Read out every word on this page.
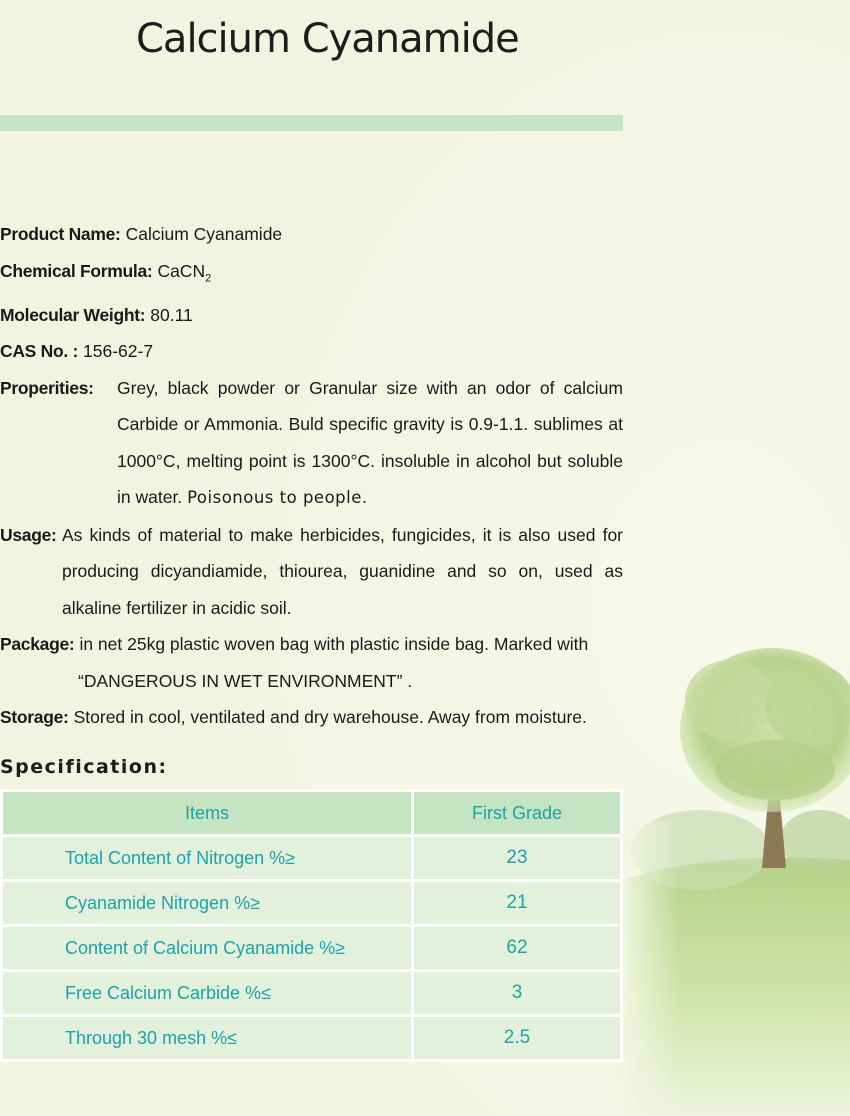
Calcium Cyanamide
Product Name: Calcium Cyanamide
Chemical Formula: CaCN$_2$
Molecular Weight: 80.11
CAS No. : 156-62-7
Properities:	Grey, black powder or Granular size with an odor of calcium Carbide or Ammonia. Buld specific gravity is 0.9-1.1. sublimes at 1000°C, melting point is 1300°C. insoluble in alcohol but soluble in water. Poisonous to people.
Usage: As kinds of material to make herbicides, fungicides, it is also used for producing dicyandiamide, thiourea, guanidine and so on, used as alkaline fertilizer in acidic soil.
Package: in net 25kg plastic woven bag with plastic inside bag. Marked with
“DANGEROUS IN WET ENVIRONMENT” .
Storage: Stored in cool, ventilated and dry warehouse. Away from moisture.
Specification:
Items	First Grade
Total Content of Nitrogen %≥	23
Cyanamide Nitrogen %≥	21
Content of Calcium Cyanamide %≥	62
Free Calcium Carbide %≤	3
Through 30 mesh %≤	2.5
